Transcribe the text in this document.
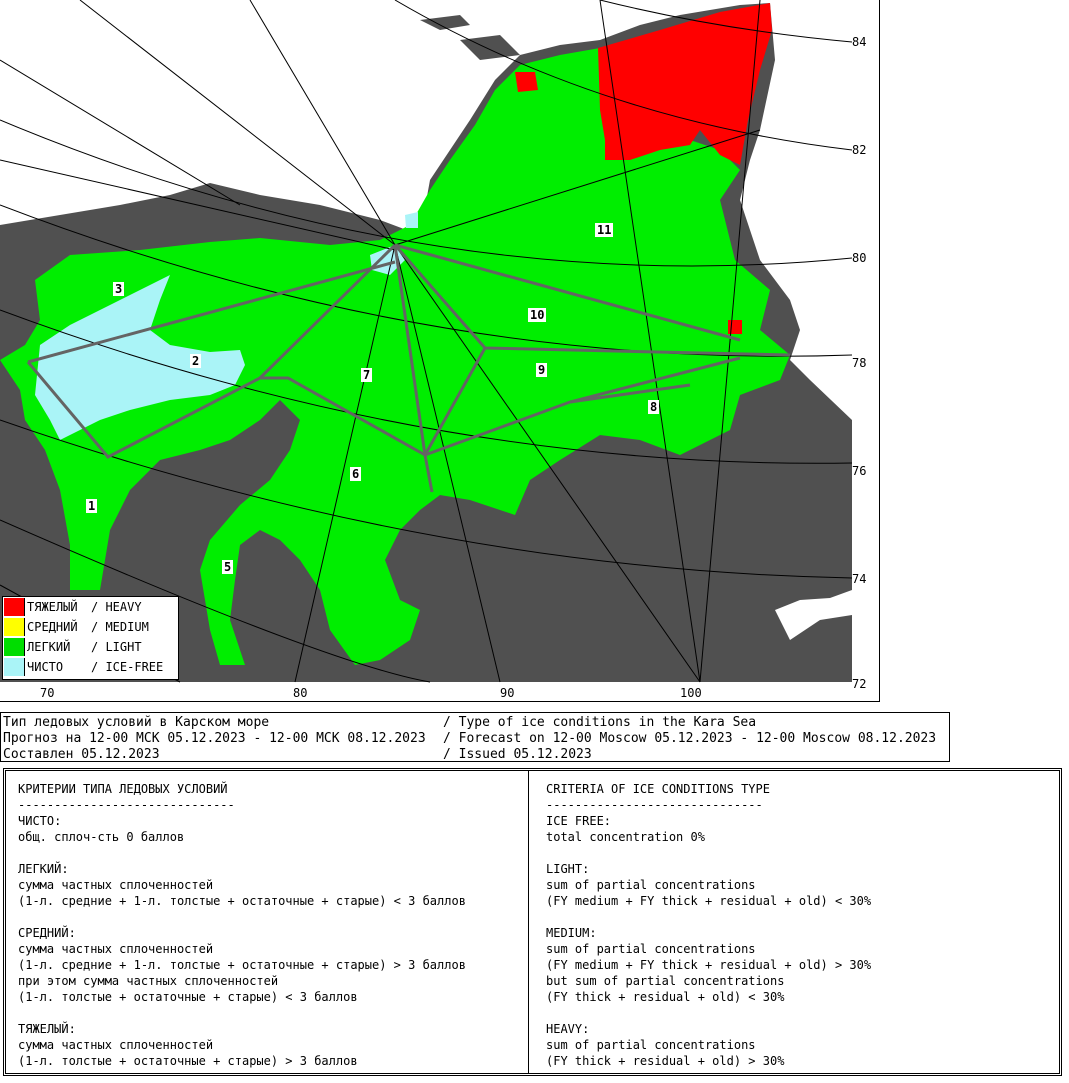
84
82
80
78
76
74
72
70	80	90	100
1
2
3
5
6
7
8
9
10
11
ТЯЖЕЛЫЙ / HEAVY
СРЕДНИЙ / MEDIUM
ЛЕГКИЙ / LIGHT
ЧИСТО / ICE-FREE
Тип ледовых условий в Карском море	/ Type of ice conditions in the Kara Sea
Прогноз на 12-00 МСК 05.12.2023 - 12-00 МСК 08.12.2023 / Forecast on 12-00 Moscow 05.12.2023 - 12-00 Moscow 08.12.2023
Составлен 05.12.2023	/ Issued 05.12.2023
КРИТЕРИИ ТИПА ЛЕДОВЫХ УСЛОВИЙ
------------------------------
ЧИСТО:
общ. сплоч-сть 0 баллов

ЛЕГКИЙ:
сумма частных сплоченностей
(1-л. средние + 1-л. толстые + остаточные + старые) < 3 баллов

СРЕДНИЙ:
сумма частных сплоченностей
(1-л. средние + 1-л. толстые + остаточные + старые) > 3 баллов
при этом сумма частных сплоченностей
(1-л. толстые + остаточные + старые) < 3 баллов

ТЯЖЕЛЫЙ:
сумма частных сплоченностей
(1-л. толстые + остаточные + старые) > 3 баллов
CRITERIA OF ICE CONDITIONS TYPE
------------------------------
ICE FREE:
total concentration 0%

LIGHT:
sum of partial concentrations
(FY medium + FY thick + residual + old) < 30%

MEDIUM:
sum of partial concentrations
(FY medium + FY thick + residual + old) > 30%
but sum of partial concentrations
(FY thick + residual + old) < 30%

HEAVY:
sum of partial concentrations
(FY thick + residual + old) > 30%
